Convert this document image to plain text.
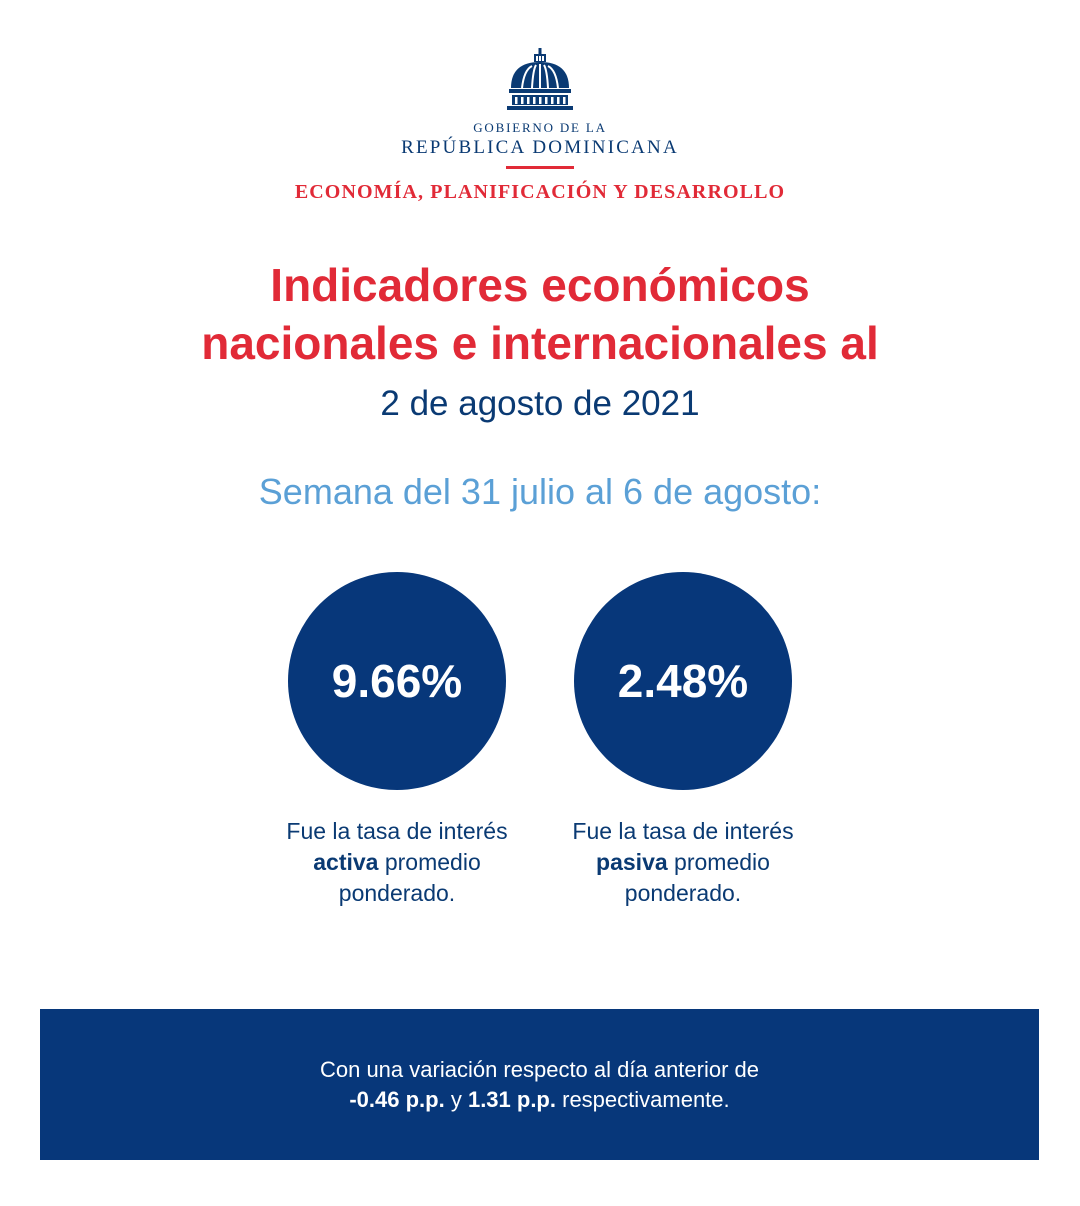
GOBIERNO DE LA
REPÚBLICA DOMINICANA
ECONOMÍA, PLANIFICACIÓN Y DESARROLLO
Indicadores económicos
nacionales e internacionales al
2 de agosto de 2021
Semana del 31 julio al 6 de agosto:
9.66%	2.48%
Fue la tasa de interés
activa promedio
ponderado.
Fue la tasa de interés
pasiva promedio
ponderado.
Con una variación respecto al día anterior de
-0.46 p.p. y 1.31 p.p. respectivamente.
